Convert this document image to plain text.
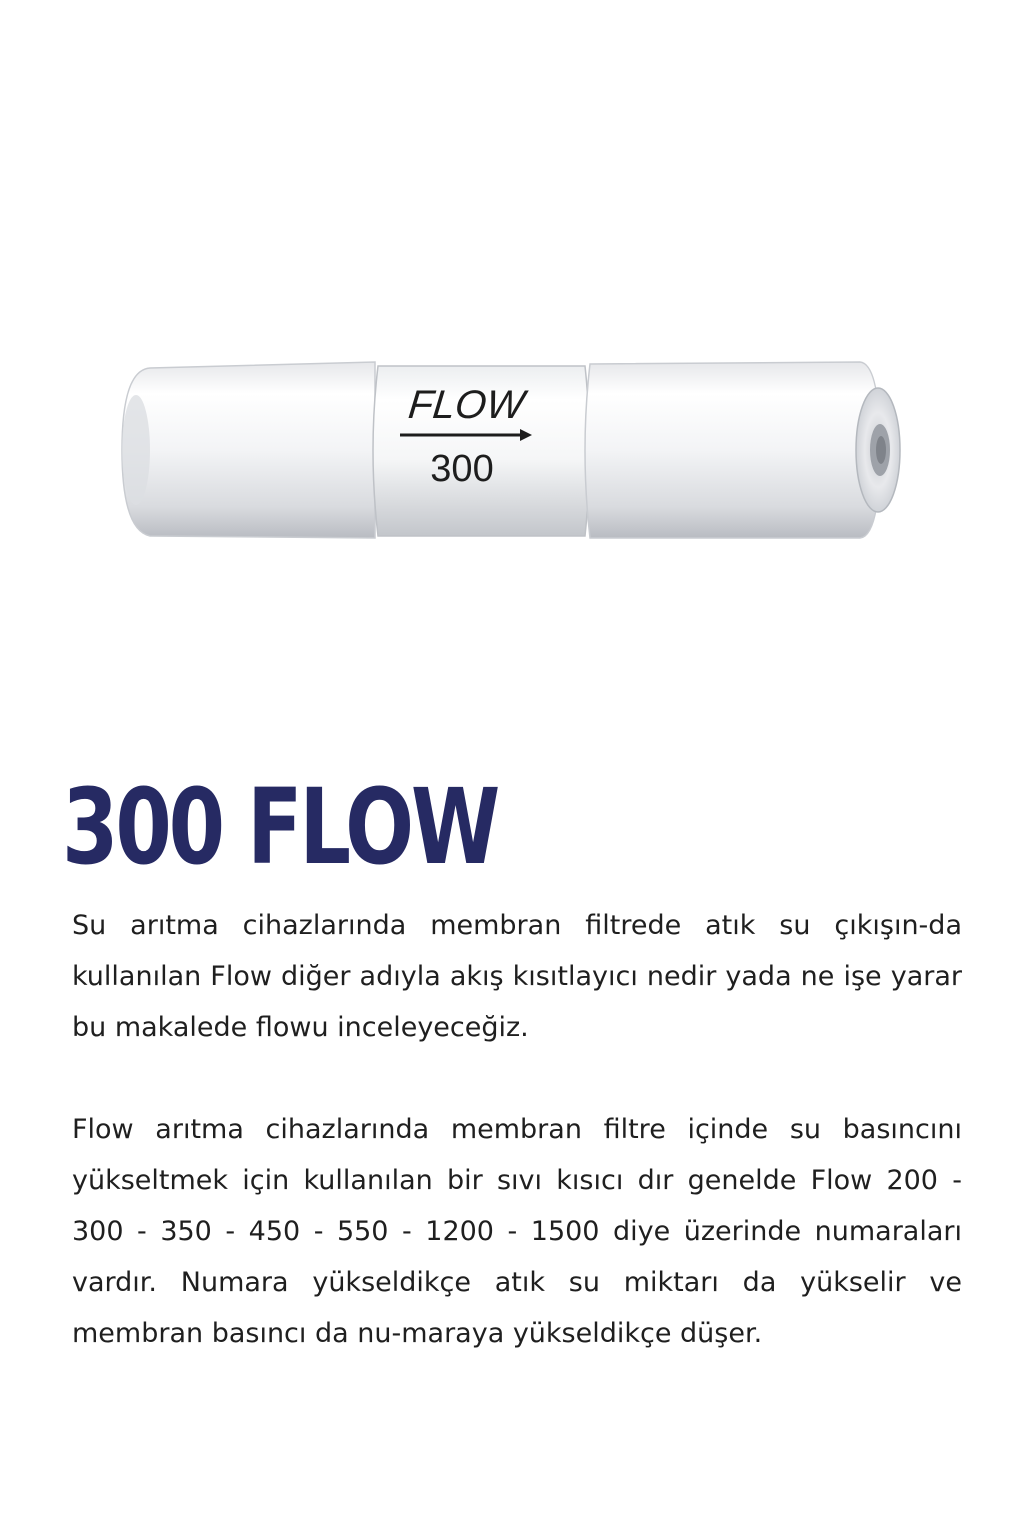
FLOW
300
300 FLOW

Su arıtma cihazlarında membran filtrede atık su çıkışın-da kullanılan Flow diğer adıyla akış kısıtlayıcı nedir yada ne işe yarar bu makalede flowu inceleyeceğiz.

Flow arıtma cihazlarında membran filtre içinde su basıncını yükseltmek için kullanılan bir sıvı kısıcı dır genelde Flow 200 - 300 - 350 - 450 - 550 - 1200 - 1500 diye üzerinde numaraları vardır. Numara yükseldikçe atık su miktarı da yükselir ve membran basıncı da nu-maraya yükseldikçe düşer.
